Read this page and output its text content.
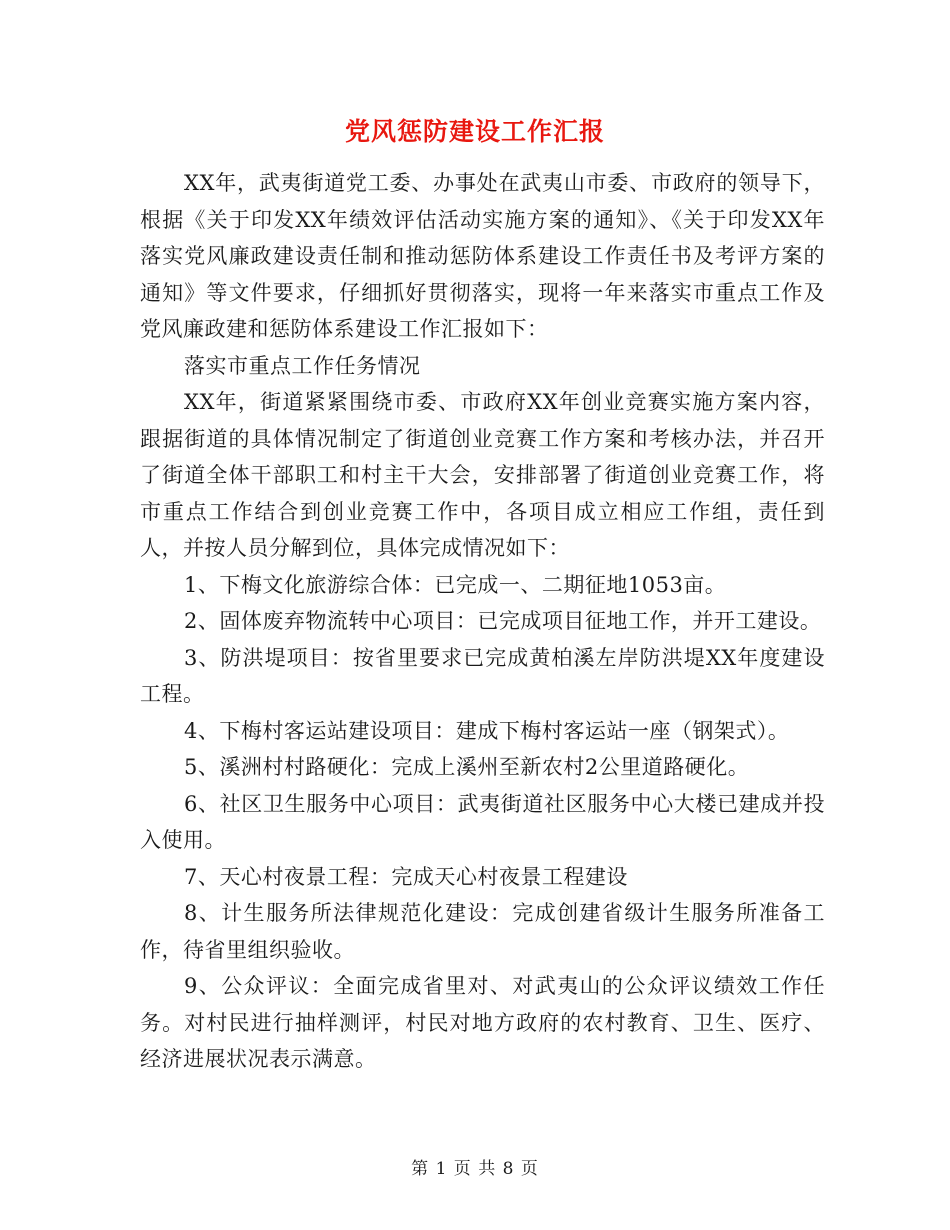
党风惩防建设工作汇报

XX年，武夷街道党工委、办事处在武夷山市委、市政府的领导下，根据《关于印发XX年绩效评估活动实施方案的通知》、《关于印发XX年落实党风廉政建设责任制和推动惩防体系建设工作责任书及考评方案的通知》等文件要求，仔细抓好贯彻落实，现将一年来落实市重点工作及党风廉政建和惩防体系建设工作汇报如下：

落实市重点工作任务情况

XX年，街道紧紧围绕市委、市政府XX年创业竞赛实施方案内容，跟据街道的具体情况制定了街道创业竞赛工作方案和考核办法，并召开了街道全体干部职工和村主干大会，安排部署了街道创业竞赛工作，将市重点工作结合到创业竞赛工作中，各项目成立相应工作组，责任到人，并按人员分解到位，具体完成情况如下：

1、下梅文化旅游综合体：已完成一、二期征地1053亩。

2、固体废弃物流转中心项目：已完成项目征地工作，并开工建设。

3、防洪堤项目：按省里要求已完成黄柏溪左岸防洪堤XX年度建设工程。

4、下梅村客运站建设项目：建成下梅村客运站一座（钢架式）。

5、溪洲村村路硬化：完成上溪州至新农村2公里道路硬化。

6、社区卫生服务中心项目：武夷街道社区服务中心大楼已建成并投入使用。

7、天心村夜景工程：完成天心村夜景工程建设

8、计生服务所法律规范化建设：完成创建省级计生服务所准备工作，待省里组织验收。

9、公众评议：全面完成省里对、对武夷山的公众评议绩效工作任务。对村民进行抽样测评，村民对地方政府的农村教育、卫生、医疗、经济进展状况表示满意。

第 1 页 共 8 页
